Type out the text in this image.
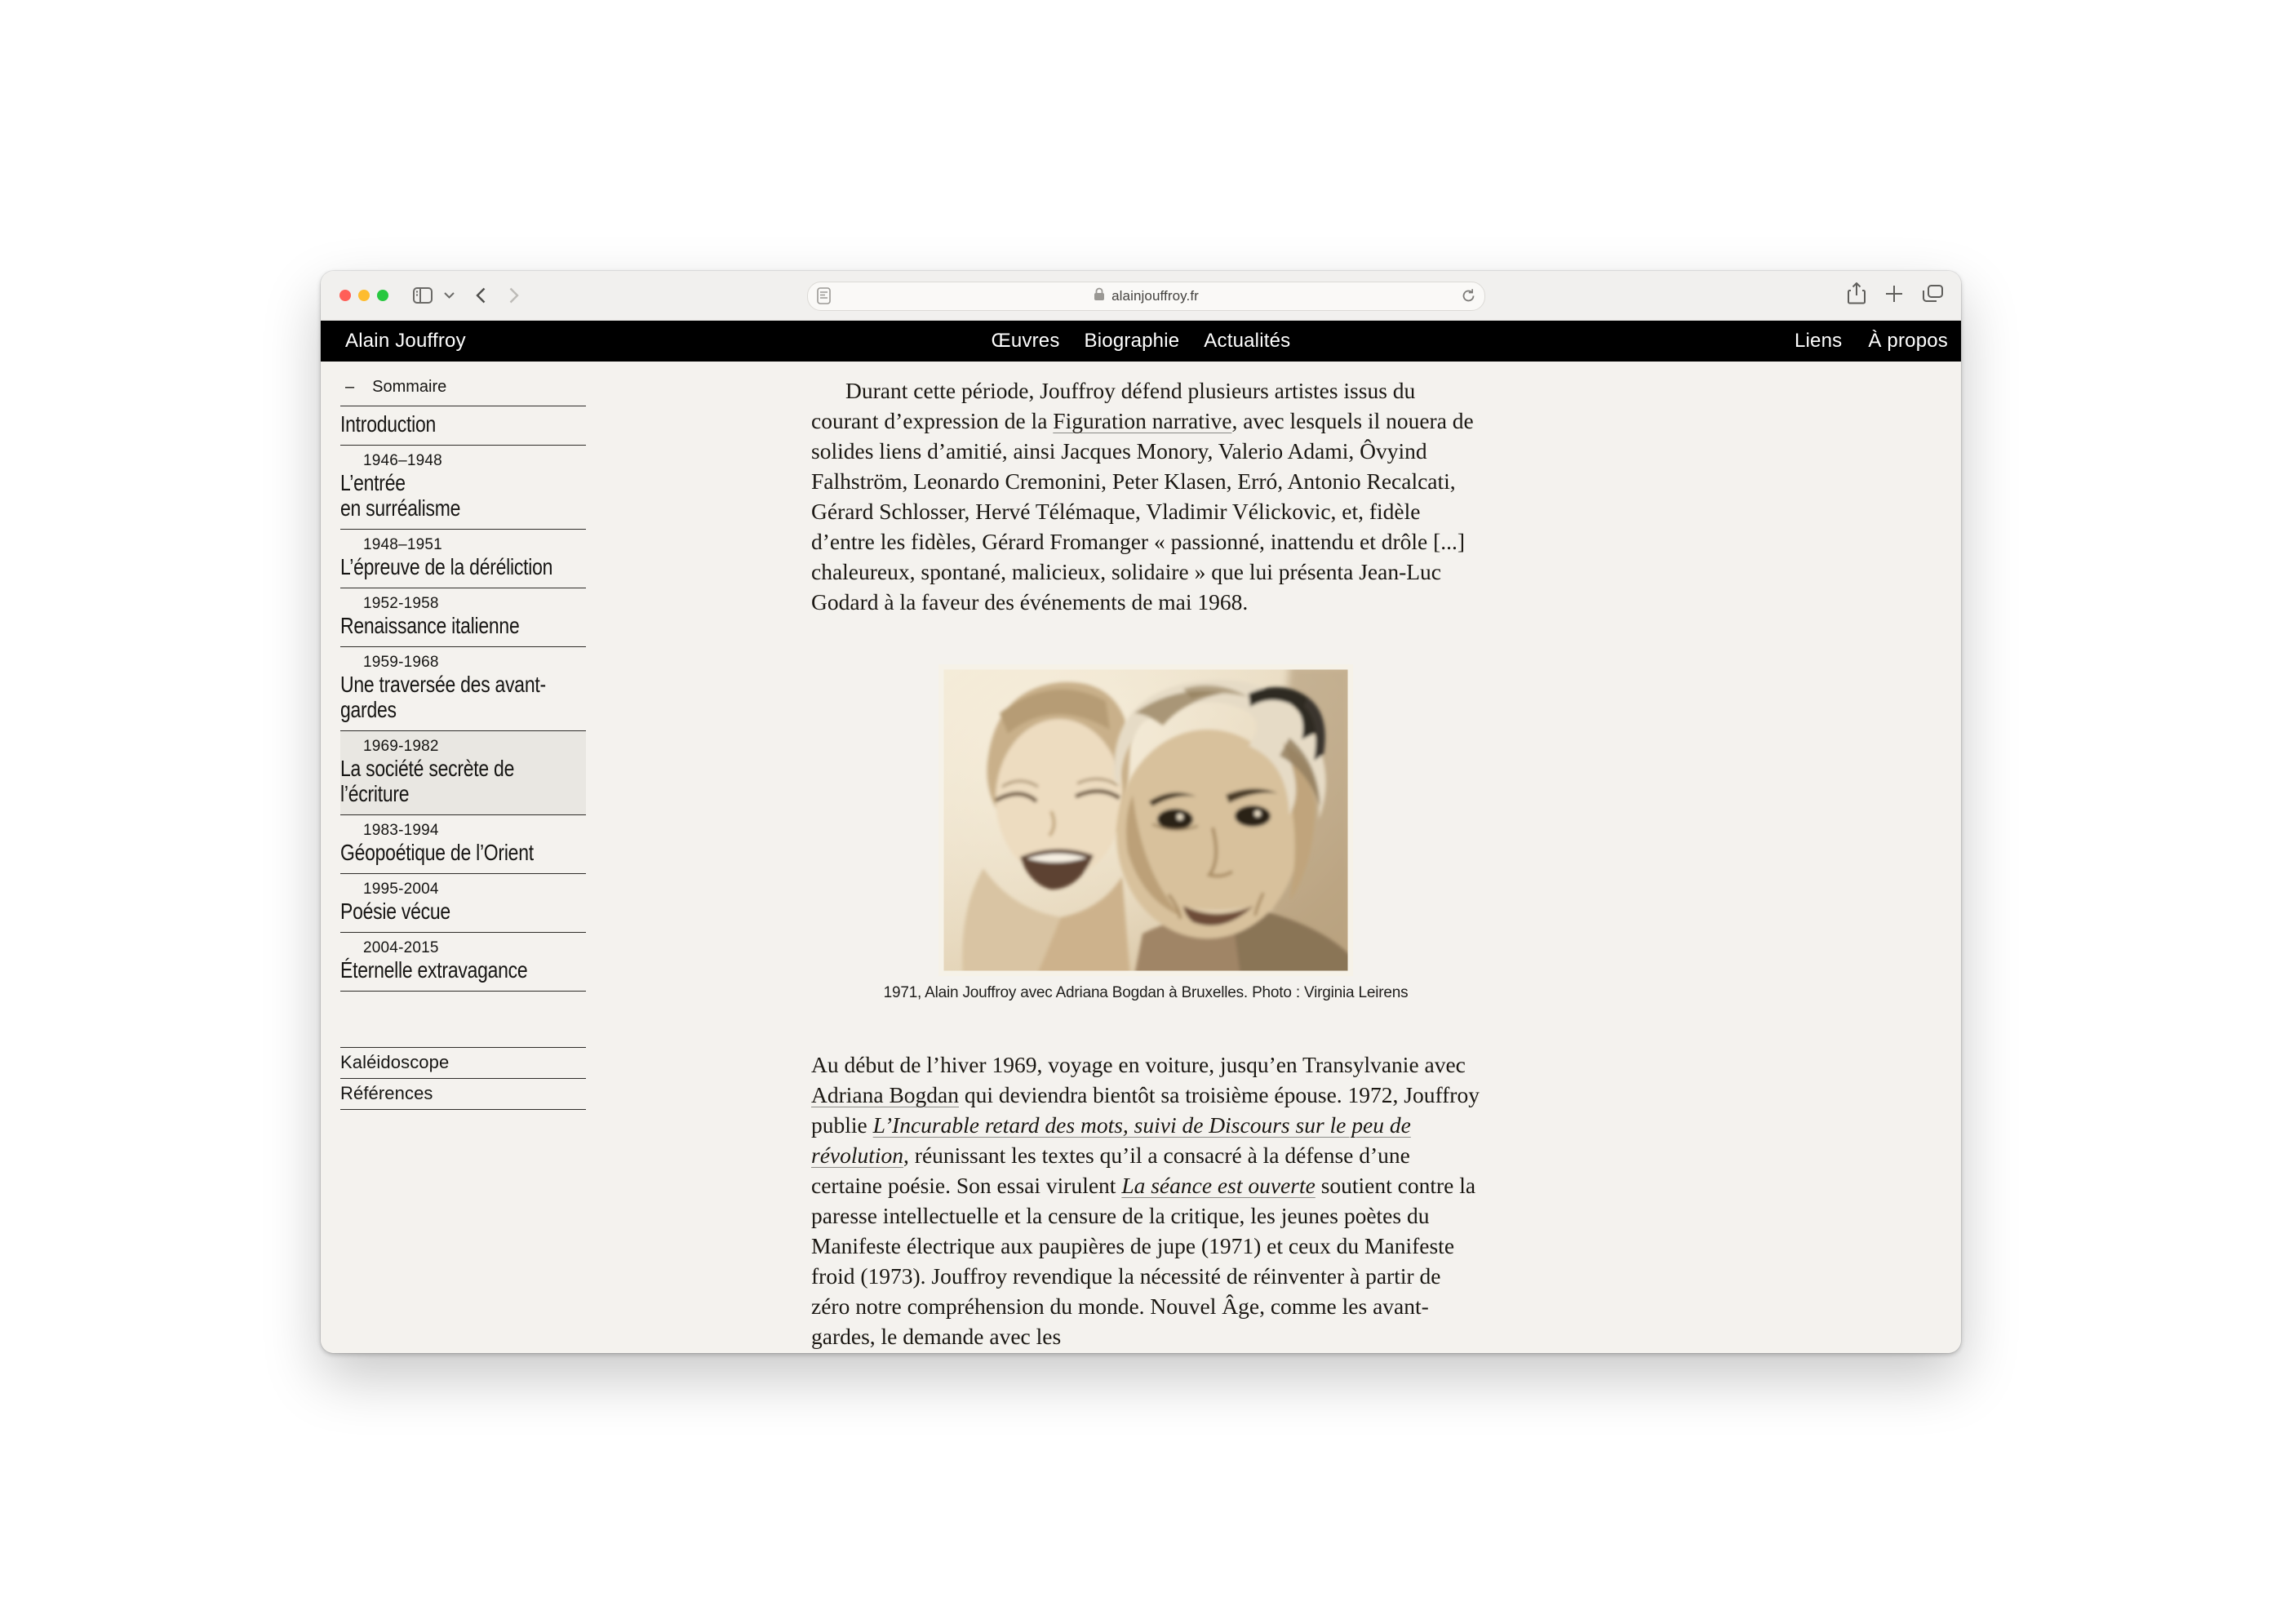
alainjouffroy.fr
Alain Jouffroy	Œuvres Biographie Actualités	Liens À propos
– Sommaire
Introduction
1946–1948
L’entrée
en surréalisme
1948–1951
L’épreuve de la déréliction
1952-1958
Renaissance italienne
1959-1968
Une traversée des avant-
gardes
1969-1982
La société secrète de
l’écriture
1983-1994
Géopoétique de l’Orient
1995-2004
Poésie vécue
2004-2015
Éternelle extravagance
Kaléidoscope
Références

Durant cette période, Jouffroy défend plusieurs artistes issus du courant d’expression de la Figuration narrative, avec lesquels il nouera de solides liens d’amitié, ainsi Jacques Monory, Valerio Adami, Ôvyind Falhström, Leonardo Cremonini, Peter Klasen, Erró, Antonio Recalcati, Gérard Schlosser, Hervé Télémaque, Vladimir Vélickovic, et, fidèle d’entre les fidèles, Gérard Fromanger « passionné, inattendu et drôle [...] chaleureux, spontané, malicieux, solidaire » que lui présenta Jean-Luc Godard à la faveur des événements de mai 1968.

1971, Alain Jouffroy avec Adriana Bogdan à Bruxelles. Photo : Virginia Leirens

Au début de l’hiver 1969, voyage en voiture, jusqu’en Transylvanie avec Adriana Bogdan qui deviendra bientôt sa troisième épouse. 1972, Jouffroy publie L’Incurable retard des mots, suivi de Discours sur le peu de révolution, réunissant les textes qu’il a consacré à la défense d’une certaine poésie. Son essai virulent La séance est ouverte soutient contre la paresse intellectuelle et la censure de la critique, les jeunes poètes du Manifeste électrique aux paupières de jupe (1971) et ceux du Manifeste froid (1973). Jouffroy revendique la nécessité de réinventer à partir de zéro notre compréhension du monde. Nouvel Âge, comme les avant-gardes, le demande avec les
